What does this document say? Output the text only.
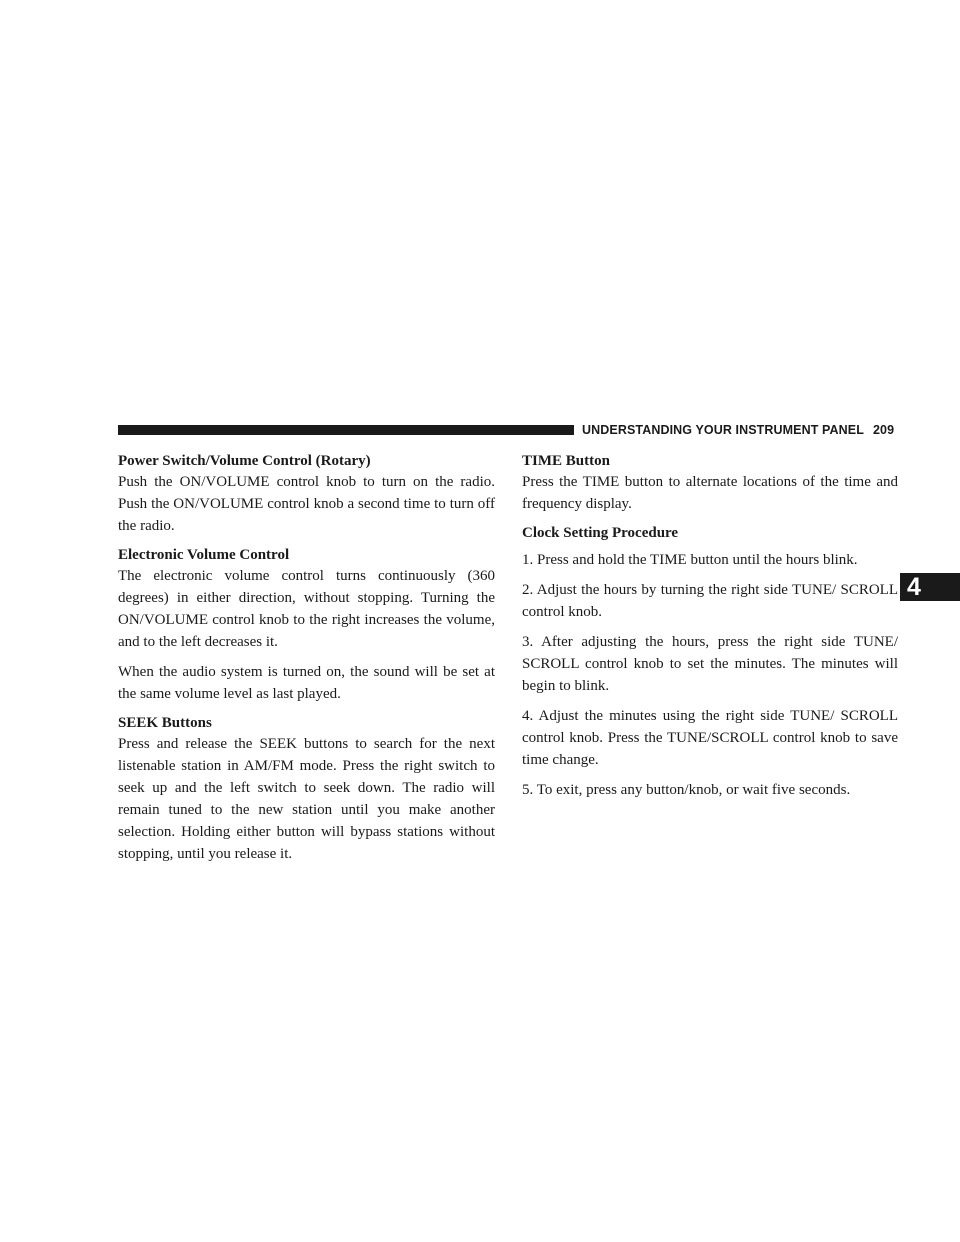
UNDERSTANDING YOUR INSTRUMENT PANEL 209
4
Power Switch/Volume Control (Rotary)

Push the ON/VOLUME control knob to turn on the radio. Push the ON/VOLUME control knob a second time to turn off the radio.

Electronic Volume Control

The electronic volume control turns continuously (360 degrees) in either direction, without stopping. Turning the ON/VOLUME control knob to the right increases the volume, and to the left decreases it.

When the audio system is turned on, the sound will be set at the same volume level as last played.

SEEK Buttons

Press and release the SEEK buttons to search for the next listenable station in AM/FM mode. Press the right switch to seek up and the left switch to seek down. The radio will remain tuned to the new station until you make another selection. Holding either button will bypass stations without stopping, until you release it.

TIME Button

Press the TIME button to alternate locations of the time and frequency display.

Clock Setting Procedure

1. Press and hold the TIME button until the hours blink.

2. Adjust the hours by turning the right side TUNE/ SCROLL control knob.

3. After adjusting the hours, press the right side TUNE/ SCROLL control knob to set the minutes. The minutes will begin to blink.

4. Adjust the minutes using the right side TUNE/ SCROLL control knob. Press the TUNE/SCROLL control knob to save time change.

5. To exit, press any button/knob, or wait five seconds.
